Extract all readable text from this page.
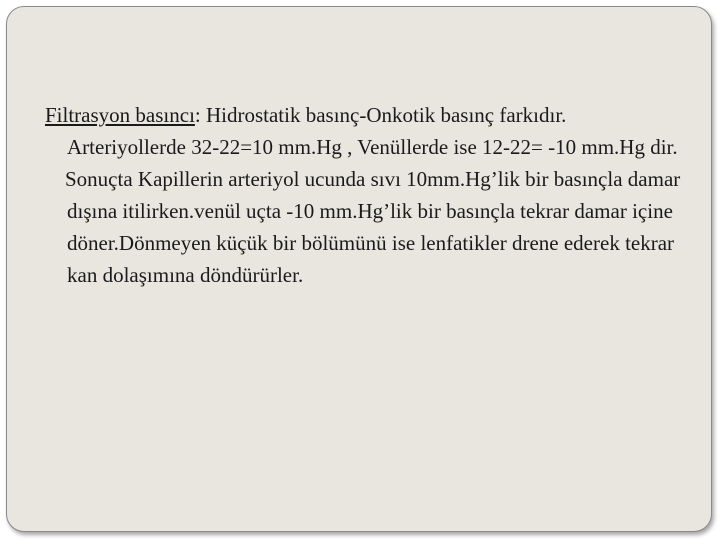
Filtrasyon basıncı: Hidrostatik basınç-Onkotik basınç farkıdır. Arteriyollerde 32-22=10 mm.Hg , Venüllerde ise 12-22= -10 mm.Hg dir.

Sonuçta Kapillerin arteriyol ucunda sıvı 10mm.Hg’lik bir basınçla damar dışına itilirken.venül uçta -10 mm.Hg’lik bir basınçla tekrar damar içine döner.Dönmeyen küçük bir bölümünü ise lenfatikler drene ederek tekrar kan dolaşımına döndürürler.
